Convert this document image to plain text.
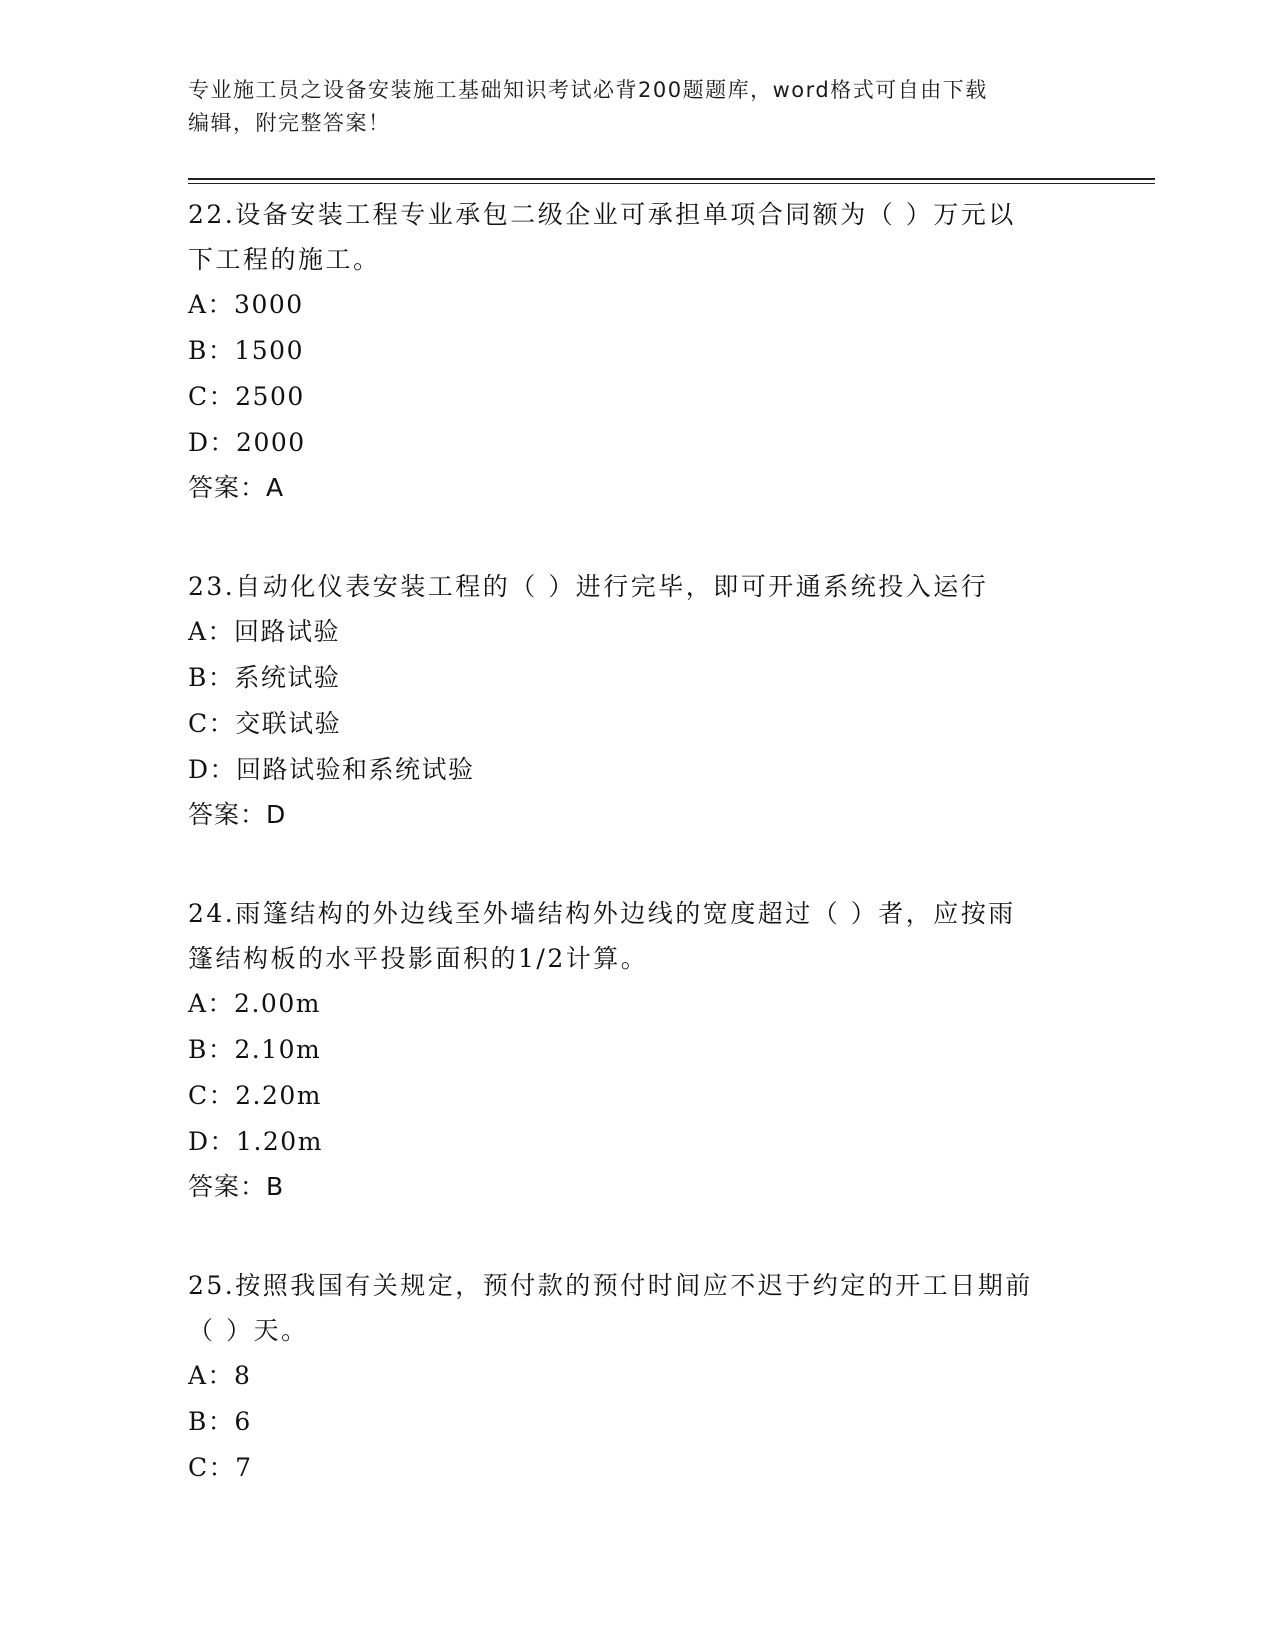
专业施工员之设备安装施工基础知识考试必背200题题库，word格式可自由下载
编辑，附完整答案！

22.设备安装工程专业承包二级企业可承担单项合同额为（ ）万元以

下工程的施工。

A：3000

B：1500

C：2500

D：2000

答案：A

23.自动化仪表安装工程的（ ）进行完毕，即可开通系统投入运行

A：回路试验

B：系统试验

C：交联试验

D：回路试验和系统试验

答案：D

24.雨篷结构的外边线至外墙结构外边线的宽度超过（ ）者，应按雨

篷结构板的水平投影面积的1/2计算。

A：2.00m

B：2.10m

C：2.20m

D：1.20m

答案：B

25.按照我国有关规定，预付款的预付时间应不迟于约定的开工日期前

（ ）天。

A：8

B：6

C：7
